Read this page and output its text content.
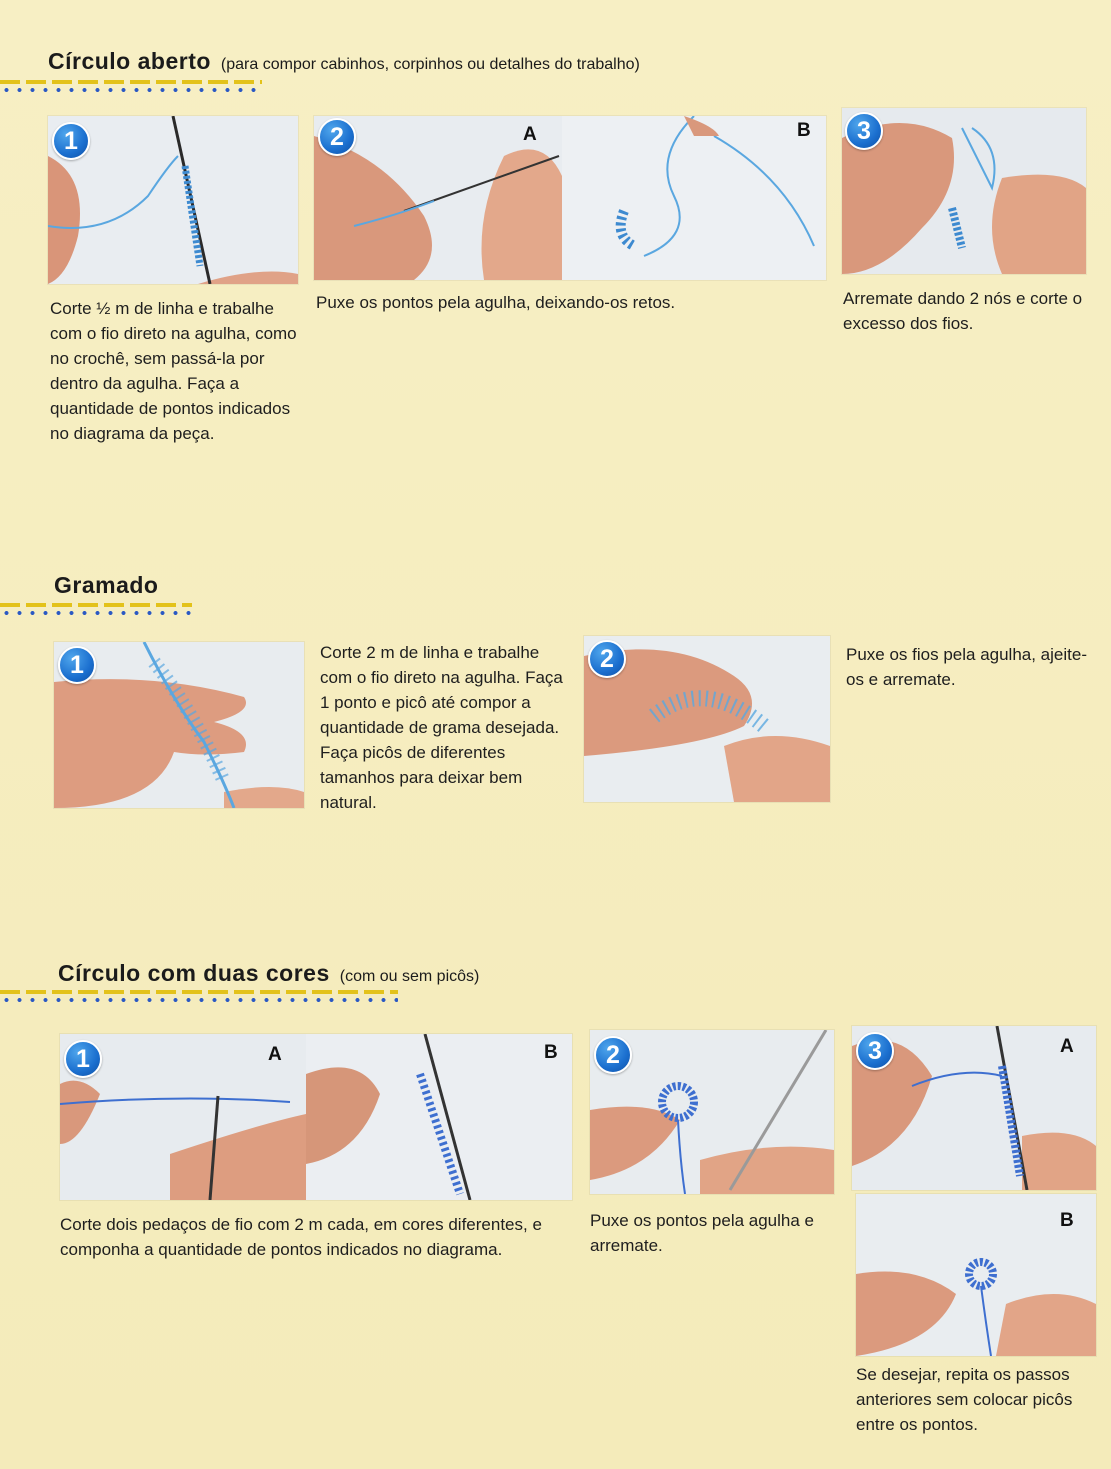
Círculo aberto (para compor cabinhos, corpinhos ou detalhes do trabalho)
1
Corte ½ m de linha e trabalhe com o fio direto na agulha, como no crochê, sem passá-la por dentro da agulha. Faça a quantidade de pontos indicados no diagrama da peça.
2	A	B
Puxe os pontos pela agulha, deixando-os retos.
3
Arremate dando 2 nós e corte o excesso dos fios.
Gramado
1	Corte 2 m de linha e trabalhe com o fio direto na agulha. Faça 1 ponto e picô até compor a quantidade de grama desejada. Faça picôs de diferentes tamanhos para deixar bem natural.
2	Puxe os fios pela agulha, ajeite-os e arremate.
Círculo com duas cores (com ou sem picôs)
1	A	B
Corte dois pedaços de fio com 2 m cada, em cores diferentes, e componha a quantidade de pontos indicados no diagrama.
2
Puxe os pontos pela agulha e arremate.
3	A
B
Se desejar, repita os passos anteriores sem colocar picôs entre os pontos.
